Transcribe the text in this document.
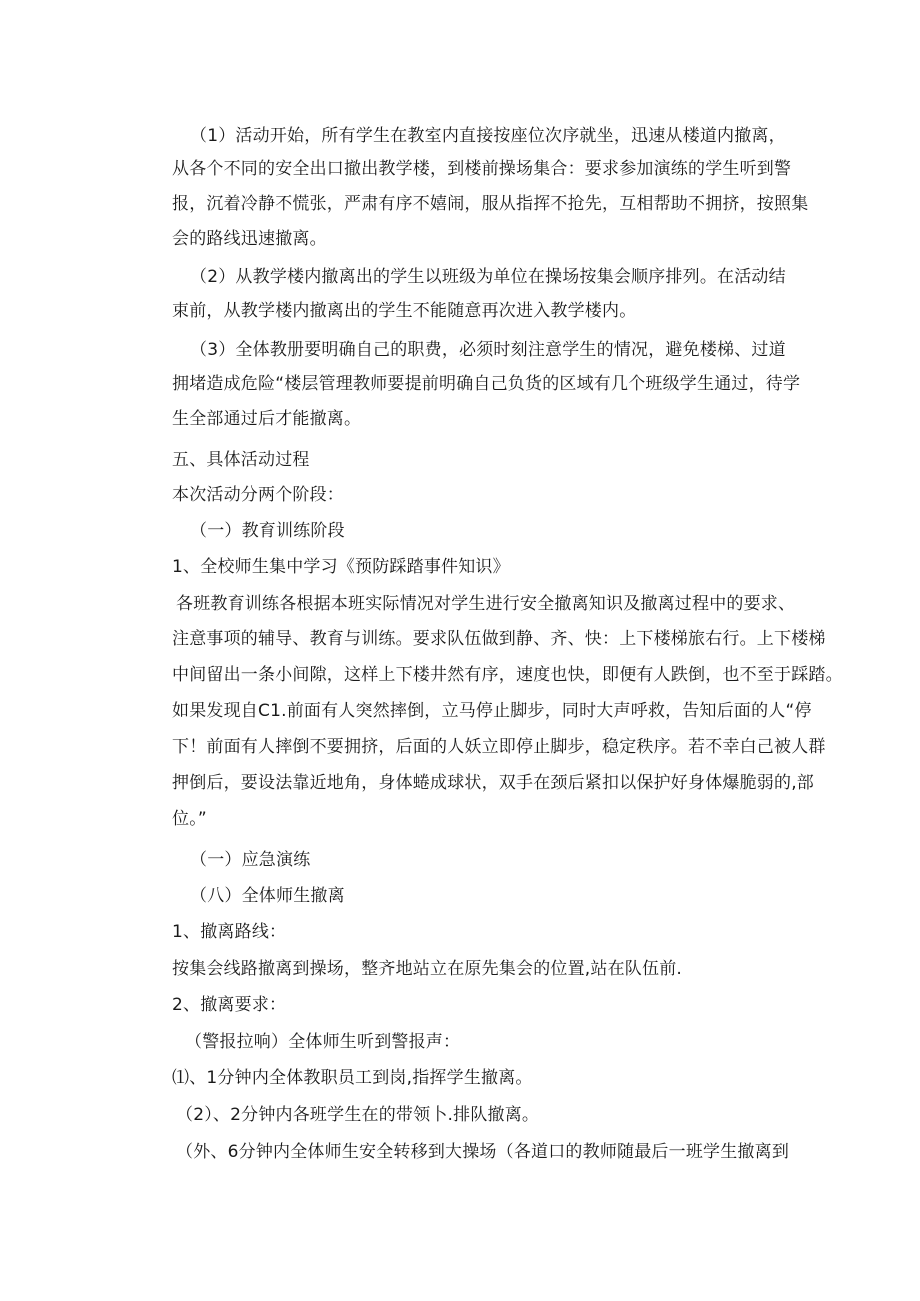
（1）活动开始，所有学生在教室内直接按座位次序就坐，迅速从楼道内撤离，
从各个不同的安全出口撤出教学楼，到楼前操场集合：要求参加演练的学生听到警
报，沉着冷静不慌张，严肃有序不嬉闹，服从指挥不抢先，互相帮助不拥挤，按照集
会的路线迅速撤离。
（2）从教学楼内撤离出的学生以班级为单位在操场按集会顺序排列。在活动结
束前，从教学楼内撤离出的学生不能随意再次进入教学楼内。
（3）全体教册要明确自己的职费，必须时刻注意学生的情况，避免楼梯、过道
拥堵造成危险“楼层管理教师要提前明确自己负货的区域有几个班级学生通过，待学
生全部通过后才能撤离。
五、具体活动过程
本次活动分两个阶段：
（一）教育训练阶段
1、全校师生集中学习《预防踩踏事件知识》
各班教育训练各根据本班实际情况对学生进行安全撤离知识及撤离过程中的要求、
注意事项的辅导、教育与训练。要求队伍做到静、齐、快：上下楼梯旅右行。上下楼梯
中间留出一条小间隙，这样上下楼井然有序，速度也快，即便有人跌倒，也不至于踩踏。
如果发现自C1.前面有人突然摔倒，立马停止脚步，同时大声呼救，告知后面的人“停
下！前面有人摔倒不要拥挤，后面的人妖立即停止脚步，稳定秩序。若不幸白己被人群
押倒后，要设法靠近地角，身体蜷成球状，双手在颈后紧扣以保护好身体爆脆弱的,部
位。”
（一）应急演练
（八）全体师生撤离
1、撤离路线：
按集会线路撤离到操场，整齐地站立在原先集会的位置,站在队伍前.
2、撤离要求：
（警报拉响）全体师生听到警报声：
⑴、1分钟内全体教职员工到岗,指挥学生撤离。
（2）、2分钟内各班学生在的带领卜.排队撤离。
（外、6分钟内全体师生安全转移到大操场（各道口的教师随最后一班学生撤离到
